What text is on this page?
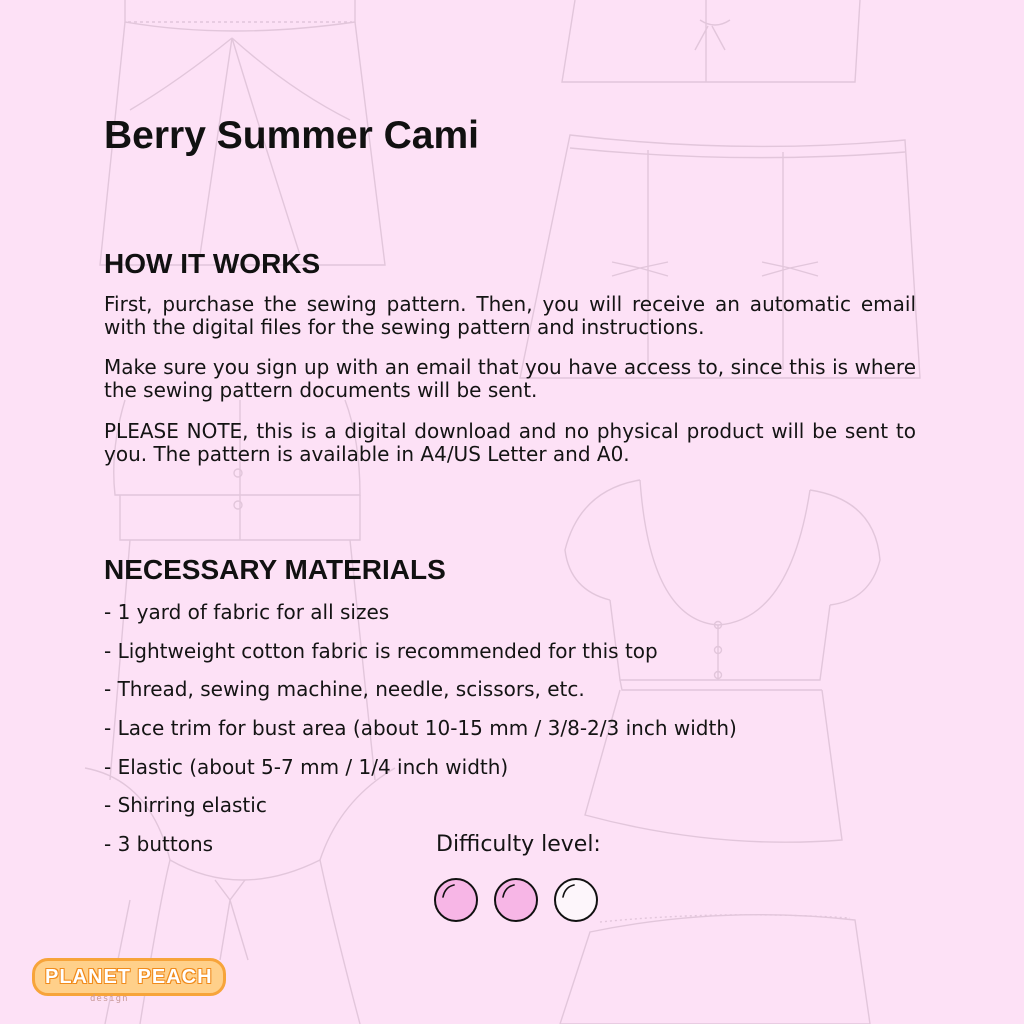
Berry Summer Cami
HOW IT WORKS

First, purchase the sewing pattern. Then, you will receive an automatic email with the digital files for the sewing pattern and instructions.

Make sure you sign up with an email that you have access to, since this is where the sewing pattern documents will be sent.

PLEASE NOTE, this is a digital download and no physical product will be sent to you. The pattern is available in A4/US Letter and A0.

NECESSARY MATERIALS
- 1 yard of fabric for all sizes
- Lightweight cotton fabric is recommended for this top
- Thread, sewing machine, needle, scissors, etc.
- Lace trim for bust area (about 10-15 mm / 3/8-2/3 inch width)
- Elastic (about 5-7 mm / 1/4 inch width)
- Shirring elastic
- 3 buttons	Difficulty level:

PLANET PEACH
design
